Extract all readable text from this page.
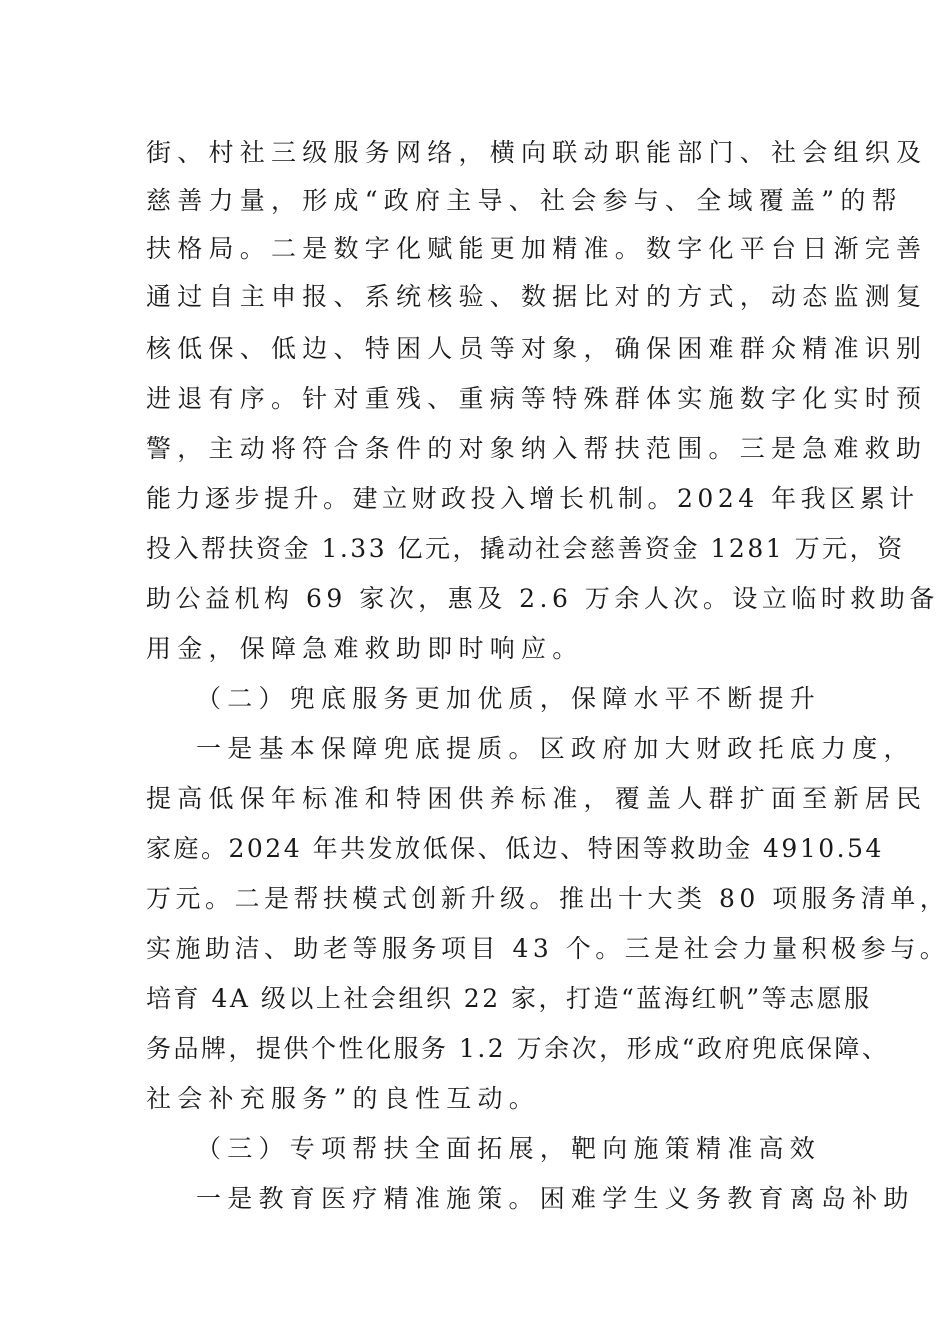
街、村社三级服务网络，横向联动职能部门、社会组织及
慈善力量，形成“政府主导、社会参与、全域覆盖”的帮
扶格局。二是数字化赋能更加精准。数字化平台日渐完善
通过自主申报、系统核验、数据比对的方式，动态监测复
核低保、低边、特困人员等对象，确保困难群众精准识别
进退有序。针对重残、重病等特殊群体实施数字化实时预
警，主动将符合条件的对象纳入帮扶范围。三是急难救助
能力逐步提升。建立财政投入增长机制。2024 年我区累计
投入帮扶资金 1.33 亿元，撬动社会慈善资金 1281 万元，资
助公益机构 69 家次，惠及 2.6 万余人次。设立临时救助备
用金，保障急难救助即时响应。
（二）兜底服务更加优质，保障水平不断提升
一是基本保障兜底提质。区政府加大财政托底力度，
提高低保年标准和特困供养标准，覆盖人群扩面至新居民
家庭。2024 年共发放低保、低边、特困等救助金 4910.54
万元。二是帮扶模式创新升级。推出十大类 80 项服务清单，
实施助洁、助老等服务项目 43 个。三是社会力量积极参与。
培育 4A 级以上社会组织 22 家，打造“蓝海红帆”等志愿服
务品牌，提供个性化服务 1.2 万余次，形成“政府兜底保障、
社会补充服务”的良性互动。
（三）专项帮扶全面拓展，靶向施策精准高效
一是教育医疗精准施策。困难学生义务教育离岛补助
